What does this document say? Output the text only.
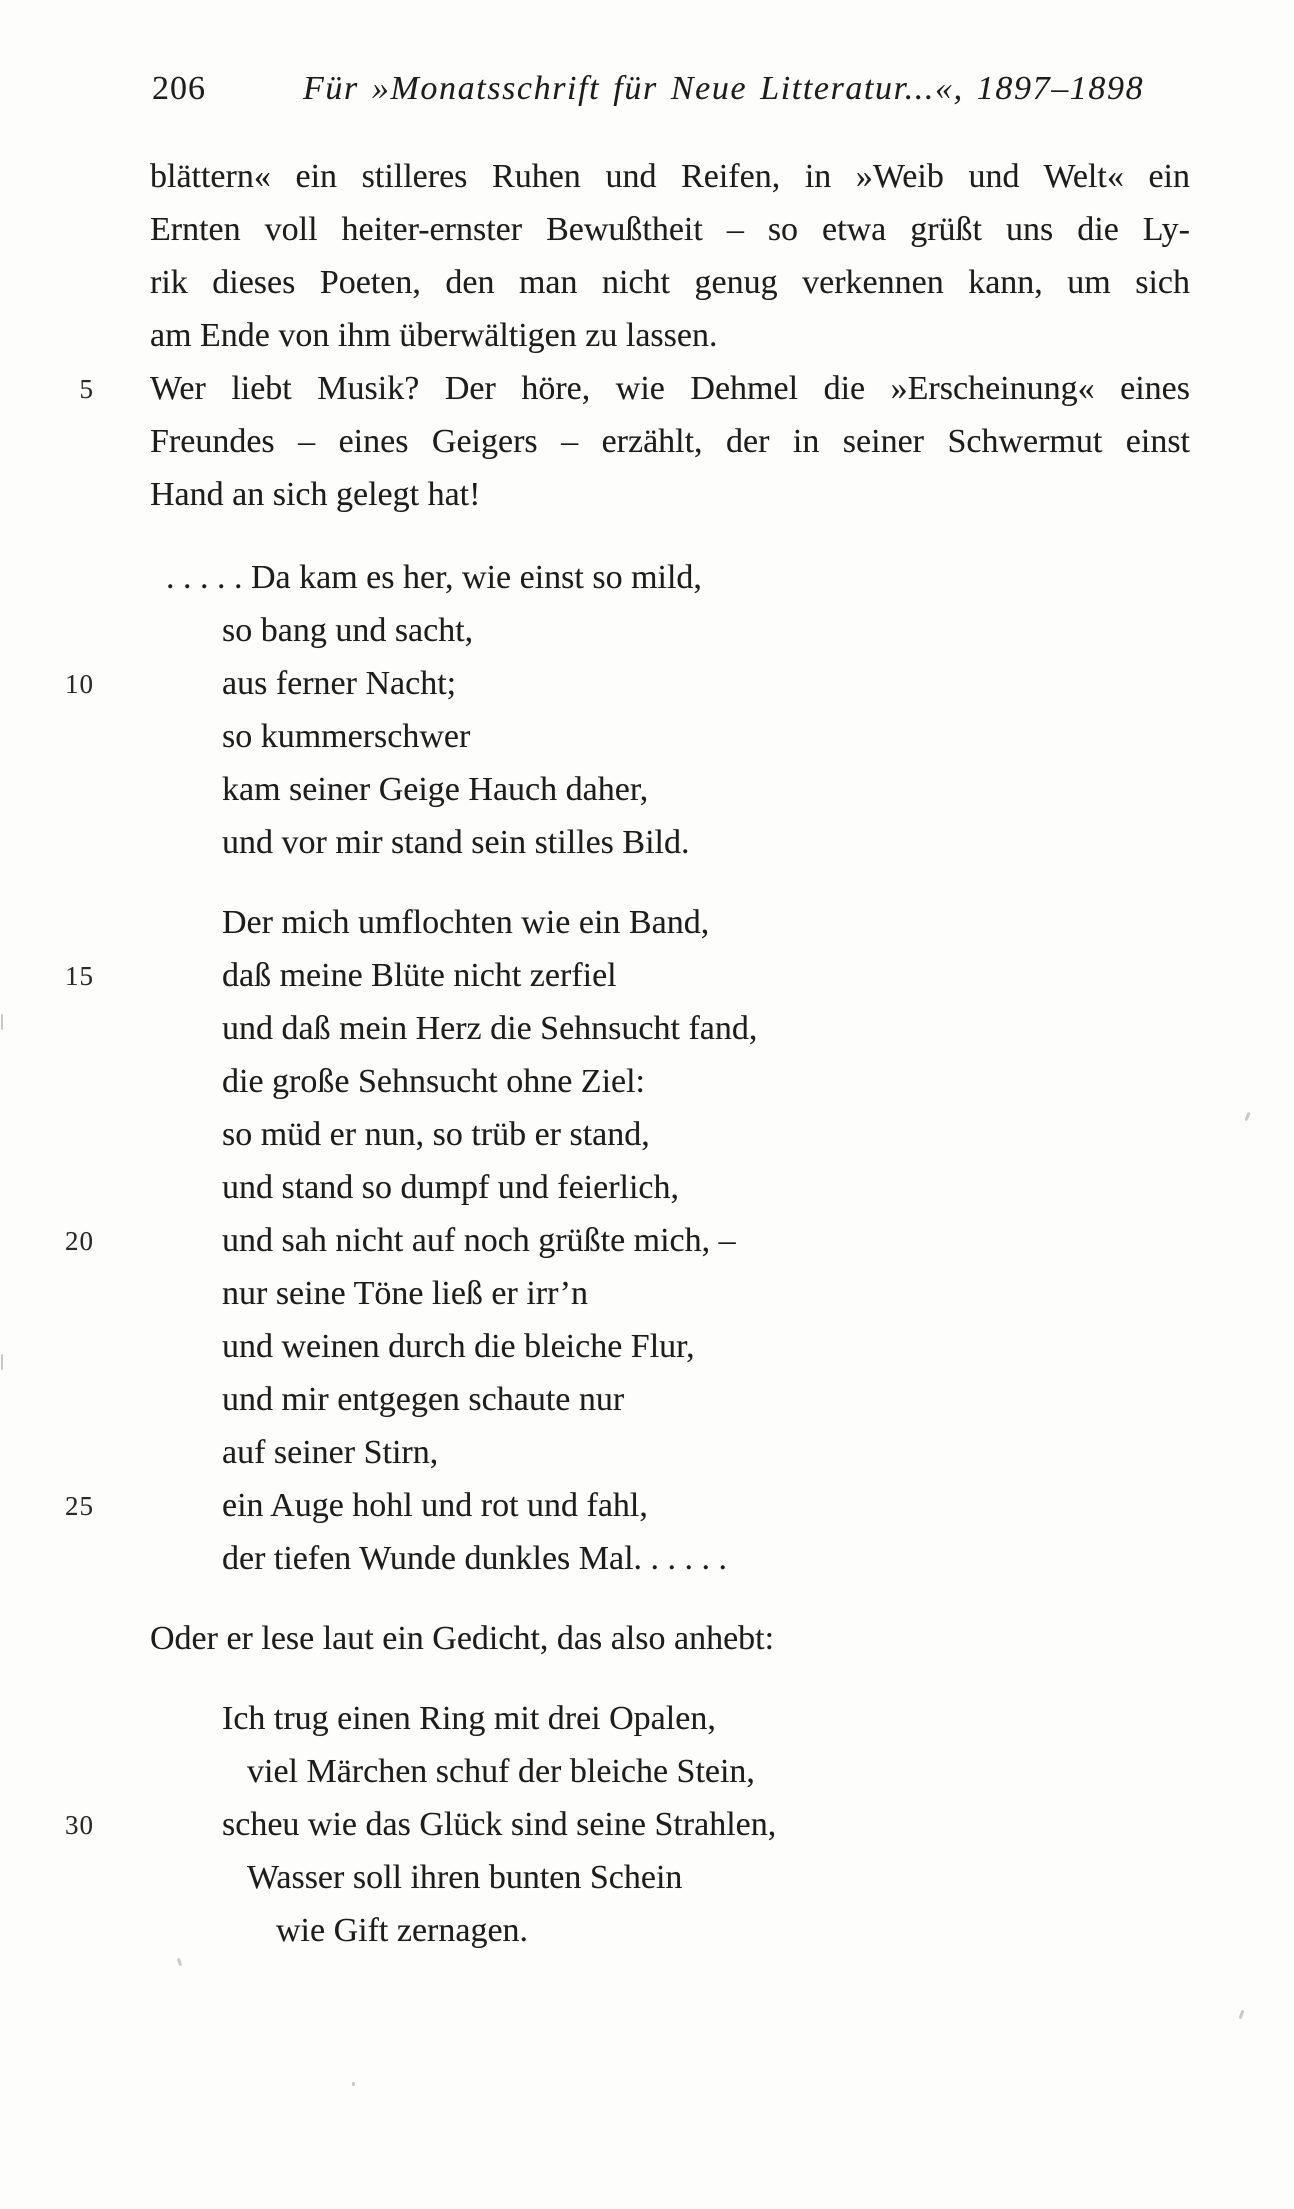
206	Für »Monatsschrift für Neue Litteratur...«, 1897–1898
blättern« ein stilleres Ruhen und Reifen, in »Weib und Welt« ein
Ernten voll heiter-ernster Bewußtheit – so etwa grüßt uns die Ly-
rik dieses Poeten, den man nicht genug verkennen kann, um sich
am Ende von ihm überwältigen zu lassen.
5 Wer liebt Musik? Der höre, wie Dehmel die »Erscheinung« eines
Freundes – eines Geigers – erzählt, der in seiner Schwermut einst
Hand an sich gelegt hat!
. . . . . Da kam es her, wie einst so mild,
so bang und sacht,
10	aus ferner Nacht;
so kummerschwer
kam seiner Geige Hauch daher,
und vor mir stand sein stilles Bild.
Der mich umflochten wie ein Band,
15	daß meine Blüte nicht zerfiel
und daß mein Herz die Sehnsucht fand,
die große Sehnsucht ohne Ziel:
so müd er nun, so trüb er stand,
und stand so dumpf und feierlich,
20	und sah nicht auf noch grüßte mich, –
nur seine Töne ließ er irr’n
und weinen durch die bleiche Flur,
und mir entgegen schaute nur
auf seiner Stirn,
25	ein Auge hohl und rot und fahl,
der tiefen Wunde dunkles Mal. . . . . .
Oder er lese laut ein Gedicht, das also anhebt:
Ich trug einen Ring mit drei Opalen,
viel Märchen schuf der bleiche Stein,
30	scheu wie das Glück sind seine Strahlen,
Wasser soll ihren bunten Schein
wie Gift zernagen.
